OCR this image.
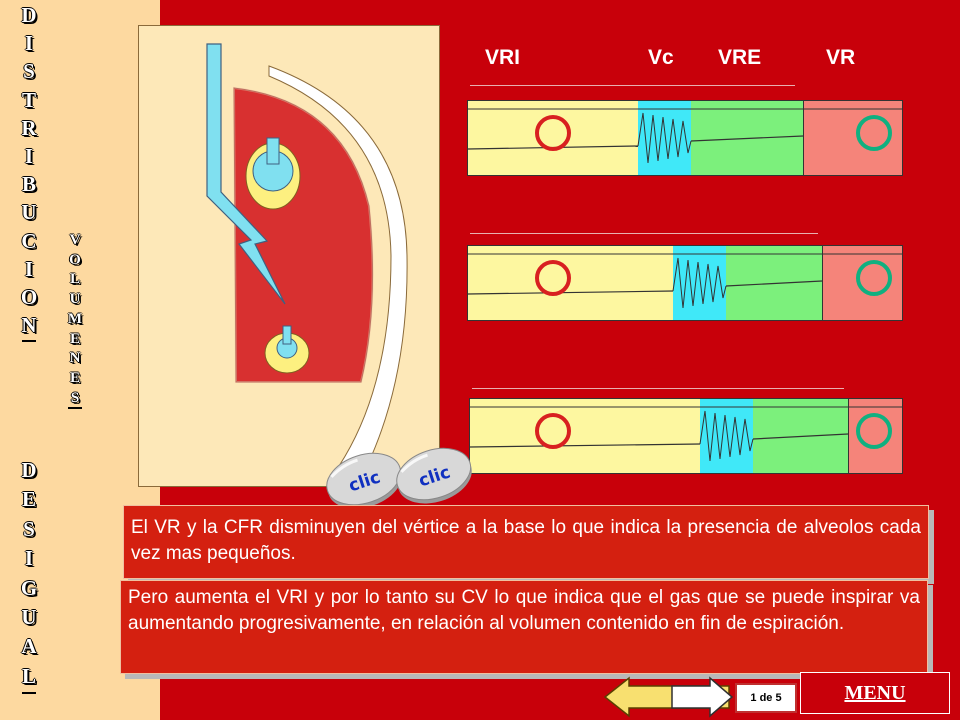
D
I
S
T
R
I
B
U
C
I
O
N
D
E
S
I
G
U
A
L
V
O
L
U
M
E
N
E
S
VRI	Vc VRE	VR
clic clic
El VR y la CFR disminuyen del vértice a la base lo que indica la presencia de alveolos cada vez mas pequeños.
Pero aumenta el VRI y por lo tanto su CV lo que indica que el gas que se puede inspirar va aumentando progresivamente, en relación al volumen contenido en fin de espiración.
1 de 5	MENU
